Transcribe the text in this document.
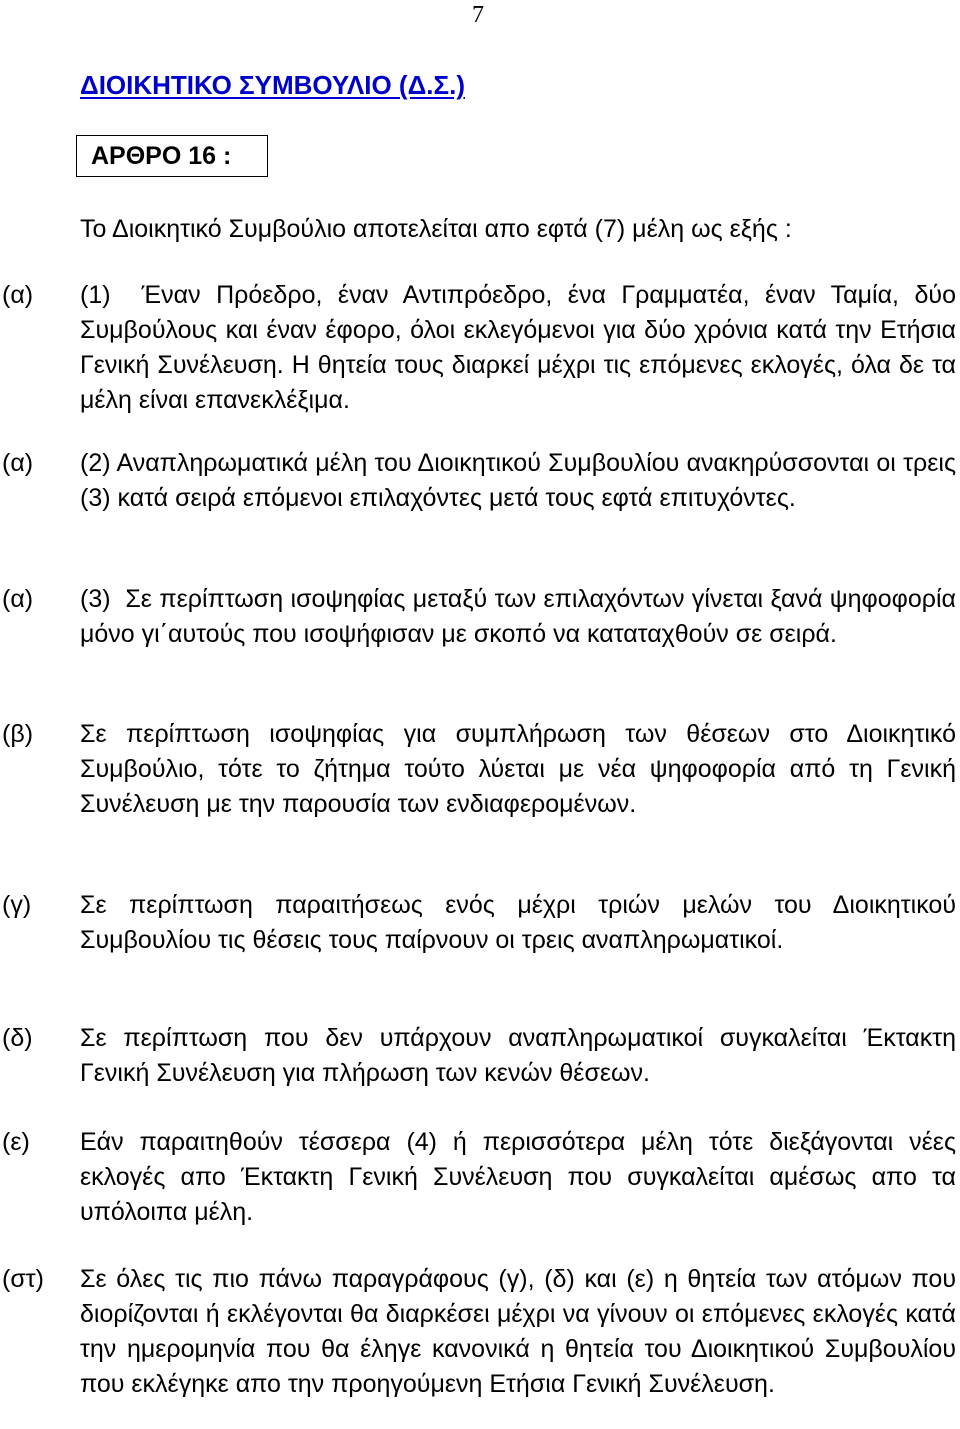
7
ΔΙΟΙΚΗΤΙΚΟ ΣΥΜΒΟΥΛΙΟ (Δ.Σ.)
ΑΡΘΡΟ 16 :
Το Διοικητικό Συμβούλιο αποτελείται απο εφτά (7) μέλη ως εξής :
(α) (1)  Έναν Πρόεδρο, έναν Αντιπρόεδρο, ένα Γραμματέα, έναν Ταμία, δύο Συμβούλους και έναν έφορο, όλοι εκλεγόμενοι για δύο χρόνια κατά την Ετήσια Γενική Συνέλευση. Η θητεία τους διαρκεί μέχρι τις επόμενες εκλογές, όλα δε τα μέλη είναι επανεκλέξιμα.
(α) (2) Αναπληρωματικά μέλη του Διοικητικού Συμβουλίου ανακηρύσσονται οι τρεις (3) κατά σειρά επόμενοι επιλαχόντες μετά τους εφτά επιτυχόντες.
(α) (3)  Σε περίπτωση ισοψηφίας μεταξύ των επιλαχόντων γίνεται ξανά ψηφοφορία μόνο γι΄αυτούς που ισοψήφισαν με σκοπό να καταταχθούν σε σειρά.
(β) Σε περίπτωση ισοψηφίας για συμπλήρωση των θέσεων στο Διοικητικό Συμβούλιο, τότε το ζήτημα τούτο λύεται με νέα ψηφοφορία από τη Γενική Συνέλευση με την παρουσία των ενδιαφερομένων.
(γ) Σε περίπτωση παραιτήσεως ενός μέχρι τριών μελών του Διοικητικού Συμβουλίου τις θέσεις τους παίρνουν οι τρεις αναπληρωματικοί.
(δ) Σε περίπτωση που δεν υπάρχουν αναπληρωματικοί συγκαλείται Έκτακτη Γενική Συνέλευση για πλήρωση των κενών θέσεων.
(ε) Εάν παραιτηθούν τέσσερα (4) ή περισσότερα μέλη τότε διεξάγονται νέες εκλογές απο Έκτακτη Γενική Συνέλευση που συγκαλείται αμέσως απο τα υπόλοιπα μέλη.
(στ) Σε όλες τις πιο πάνω παραγράφους (γ), (δ) και (ε) η θητεία των ατόμων που διορίζονται ή εκλέγονται θα διαρκέσει μέχρι να γίνουν οι επόμενες εκλογές κατά την ημερομηνία που θα έληγε κανονικά η θητεία του Διοικητικού Συμβουλίου που εκλέγηκε απο την προηγούμενη Ετήσια Γενική Συνέλευση.
